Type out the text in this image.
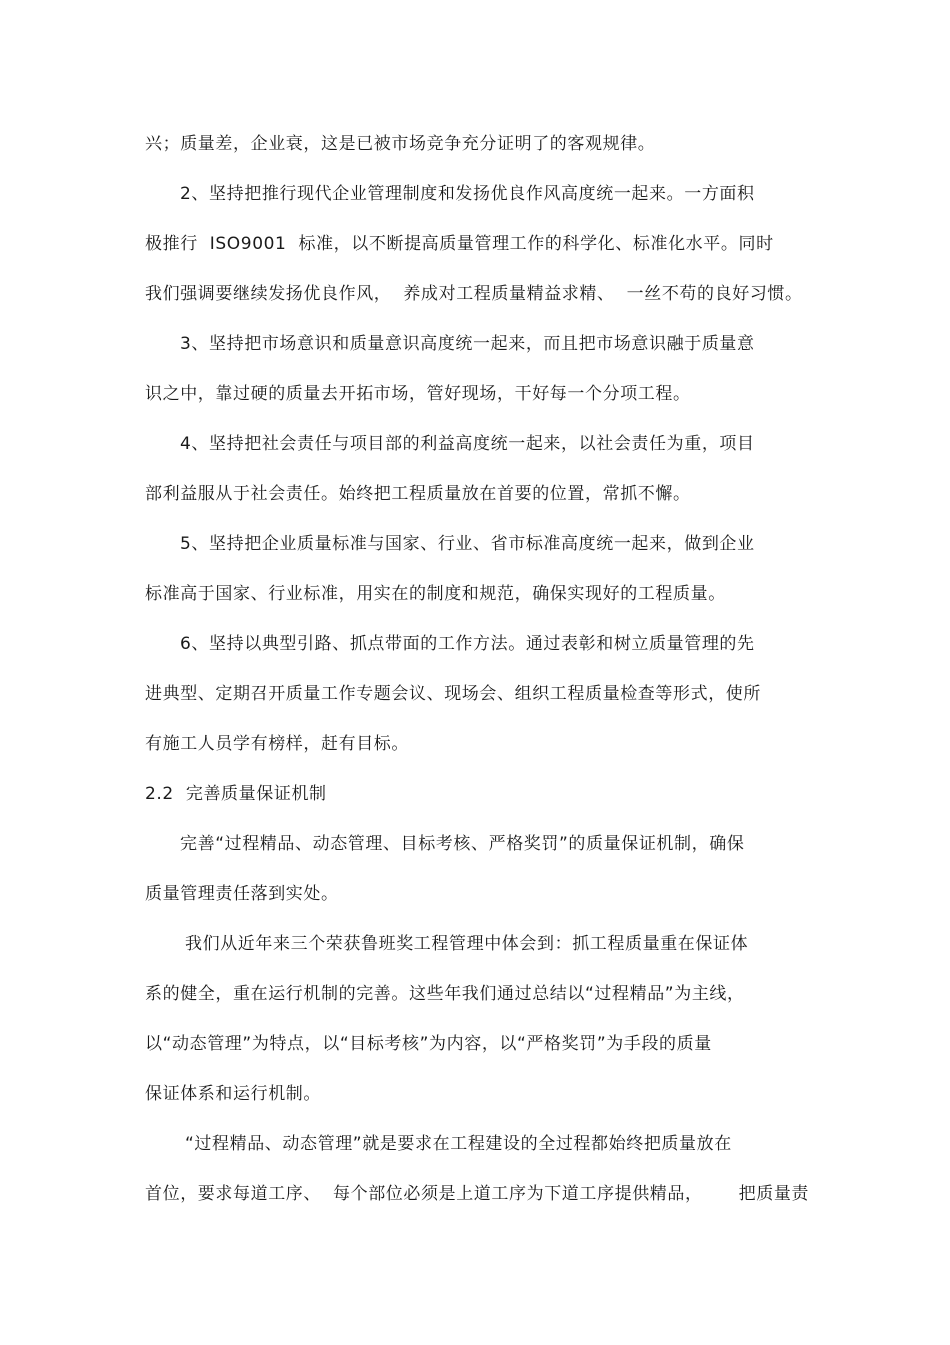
兴；质量差，企业衰，这是已被市场竞争充分证明了的客观规律。
2、坚持把推行现代企业管理制度和发扬优良作风高度统一起来。一方面积
极推行  ISO9001  标准，以不断提高质量管理工作的科学化、标准化水平。同时
我们强调要继续发扬优良作风，  养成对工程质量精益求精、  一丝不苟的良好习惯。
3、坚持把市场意识和质量意识高度统一起来，而且把市场意识融于质量意
识之中，靠过硬的质量去开拓市场，管好现场，干好每一个分项工程。
4、坚持把社会责任与项目部的利益高度统一起来，以社会责任为重，项目
部利益服从于社会责任。始终把工程质量放在首要的位置，常抓不懈。
5、坚持把企业质量标准与国家、行业、省市标准高度统一起来，做到企业
标准高于国家、行业标准，用实在的制度和规范，确保实现好的工程质量。
6、坚持以典型引路、抓点带面的工作方法。通过表彰和树立质量管理的先
进典型、定期召开质量工作专题会议、现场会、组织工程质量检查等形式，使所
有施工人员学有榜样，赶有目标。
2.2  完善质量保证机制
完善“过程精品、动态管理、目标考核、严格奖罚”的质量保证机制，确保
质量管理责任落到实处。
我们从近年来三个荣获鲁班奖工程管理中体会到：抓工程质量重在保证体
系的健全，重在运行机制的完善。这些年我们通过总结以“过程精品”为主线，
以“动态管理”为特点，以“目标考核”为内容，以“严格奖罚”为手段的质量
保证体系和运行机制。
“过程精品、动态管理”就是要求在工程建设的全过程都始终把质量放在
首位，要求每道工序、  每个部位必须是上道工序为下道工序提供精品，      把质量责
